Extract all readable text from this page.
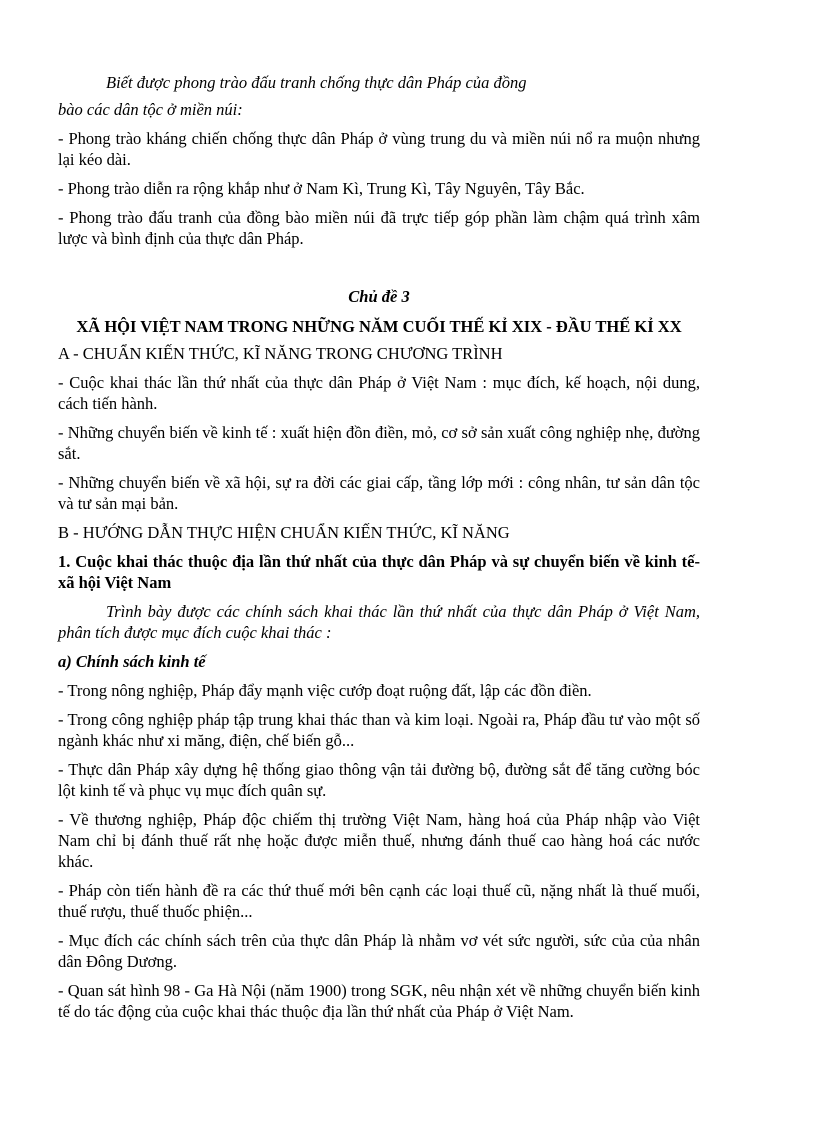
Biết được phong trào đấu tranh chống thực dân Pháp của đồng

bào các dân tộc ở miền núi:

- Phong trào kháng chiến chống thực dân Pháp ở vùng trung du và miền núi nổ ra muộn nhưng lại kéo dài.

- Phong trào diễn ra rộng khắp như ở Nam Kì, Trung Kì, Tây Nguyên, Tây Bắc.

- Phong trào đấu tranh của đồng bào miền núi đã trực tiếp góp phần làm chậm quá trình xâm lược và bình định của thực dân Pháp.

Chủ đề 3

XÃ HỘI VIỆT NAM TRONG NHỮNG NĂM CUỐI THẾ KỈ XIX - ĐẦU THẾ KỈ XX

A - CHUẨN KIẾN THỨC, KĨ NĂNG TRONG CHƯƠNG TRÌNH

- Cuộc khai thác lần thứ nhất của thực dân Pháp ở Việt Nam : mục đích, kế hoạch, nội dung, cách tiến hành.

- Những chuyển biến về kinh tế : xuất hiện đồn điền, mỏ, cơ sở sản xuất công nghiệp nhẹ, đường sắt.

- Những chuyển biến về xã hội, sự ra đời các giai cấp, tầng lớp mới : công nhân, tư sản dân tộc và tư sản mại bản.

B - HƯỚNG DẪN THỰC HIỆN CHUẨN KIẾN THỨC, KĨ NĂNG

1. Cuộc khai thác thuộc địa lần thứ nhất của thực dân Pháp và sự chuyển biến về kinh tế- xã hội Việt Nam

Trình bày được các chính sách khai thác lần thứ nhất của thực dân Pháp ở Việt Nam, phân tích được mục đích cuộc khai thác :

a) Chính sách kinh tế

- Trong nông nghiệp, Pháp đẩy mạnh việc cướp đoạt ruộng đất, lập các đồn điền.

- Trong công nghiệp pháp tập trung khai thác than và kim loại. Ngoài ra, Pháp đầu tư vào một số ngành khác như xi măng, điện, chế biến gỗ...

- Thực dân Pháp xây dựng hệ thống giao thông vận tải đường bộ, đường sắt để tăng cường bóc lột kinh tế và phục vụ mục đích quân sự.

- Về thương nghiệp, Pháp độc chiếm thị trường Việt Nam, hàng hoá của Pháp nhập vào Việt Nam chỉ bị đánh thuế rất nhẹ hoặc được miễn thuế, nhưng đánh thuế cao hàng hoá các nước khác.

- Pháp còn tiến hành đề ra các thứ thuế mới bên cạnh các loại thuế cũ, nặng nhất là thuế muối, thuế rượu, thuế thuốc phiện...

- Mục đích các chính sách trên của thực dân Pháp là nhằm vơ vét sức người, sức của của nhân dân Đông Dương.

- Quan sát hình 98 - Ga Hà Nội (năm 1900) trong SGK, nêu nhận xét về những chuyển biến kinh tế do tác động của cuộc khai thác thuộc địa lần thứ nhất của Pháp ở Việt Nam.
